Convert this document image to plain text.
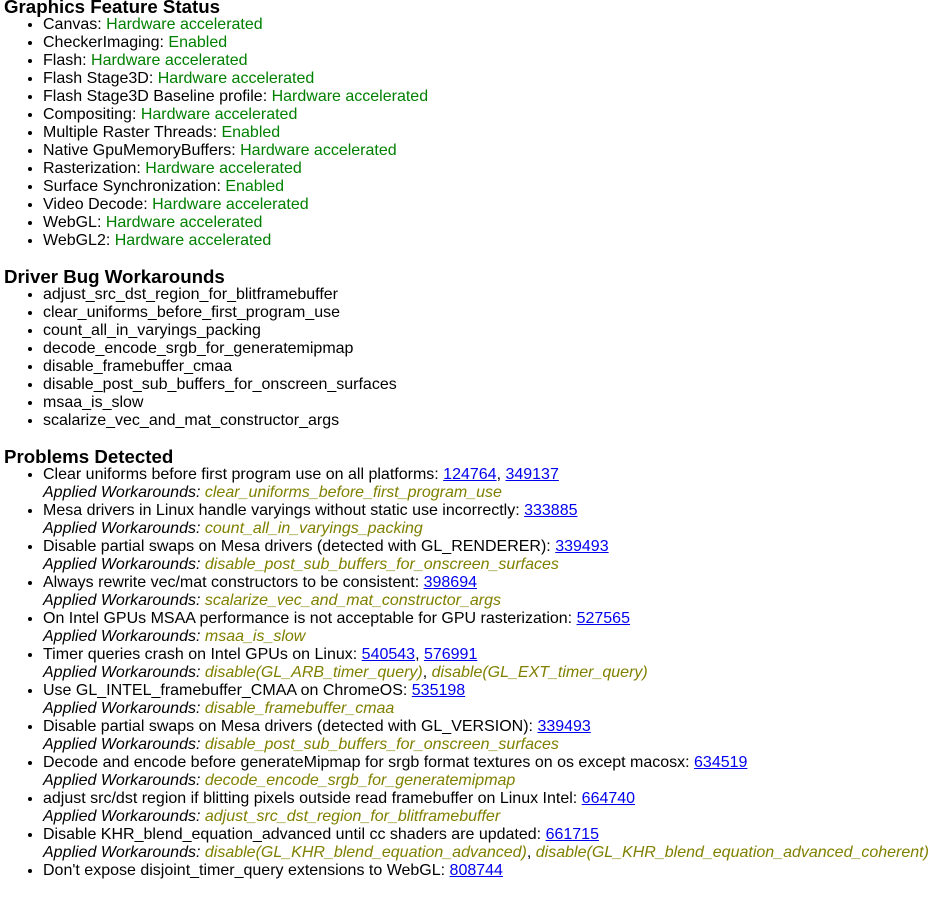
Graphics Feature Status
• Canvas: Hardware accelerated
• CheckerImaging: Enabled
• Flash: Hardware accelerated
• Flash Stage3D: Hardware accelerated
• Flash Stage3D Baseline profile: Hardware accelerated
• Compositing: Hardware accelerated
• Multiple Raster Threads: Enabled
• Native GpuMemoryBuffers: Hardware accelerated
• Rasterization: Hardware accelerated
• Surface Synchronization: Enabled
• Video Decode: Hardware accelerated
• WebGL: Hardware accelerated
• WebGL2: Hardware accelerated
Driver Bug Workarounds
• adjust_src_dst_region_for_blitframebuffer
• clear_uniforms_before_first_program_use
• count_all_in_varyings_packing
• decode_encode_srgb_for_generatemipmap
• disable_framebuffer_cmaa
• disable_post_sub_buffers_for_onscreen_surfaces
• msaa_is_slow
• scalarize_vec_and_mat_constructor_args
Problems Detected
• Clear uniforms before first program use on all platforms: 124764, 349137
Applied Workarounds: clear_uniforms_before_first_program_use
• Mesa drivers in Linux handle varyings without static use incorrectly: 333885
Applied Workarounds: count_all_in_varyings_packing
• Disable partial swaps on Mesa drivers (detected with GL_RENDERER): 339493
Applied Workarounds: disable_post_sub_buffers_for_onscreen_surfaces
• Always rewrite vec/mat constructors to be consistent: 398694
Applied Workarounds: scalarize_vec_and_mat_constructor_args
• On Intel GPUs MSAA performance is not acceptable for GPU rasterization: 527565
Applied Workarounds: msaa_is_slow
• Timer queries crash on Intel GPUs on Linux: 540543, 576991
Applied Workarounds: disable(GL_ARB_timer_query), disable(GL_EXT_timer_query)
• Use GL_INTEL_framebuffer_CMAA on ChromeOS: 535198
Applied Workarounds: disable_framebuffer_cmaa
• Disable partial swaps on Mesa drivers (detected with GL_VERSION): 339493
Applied Workarounds: disable_post_sub_buffers_for_onscreen_surfaces
• Decode and encode before generateMipmap for srgb format textures on os except macosx: 634519
Applied Workarounds: decode_encode_srgb_for_generatemipmap
• adjust src/dst region if blitting pixels outside read framebuffer on Linux Intel: 664740
Applied Workarounds: adjust_src_dst_region_for_blitframebuffer
• Disable KHR_blend_equation_advanced until cc shaders are updated: 661715
Applied Workarounds: disable(GL_KHR_blend_equation_advanced), disable(GL_KHR_blend_equation_advanced_coherent)
• Don't expose disjoint_timer_query extensions to WebGL: 808744
